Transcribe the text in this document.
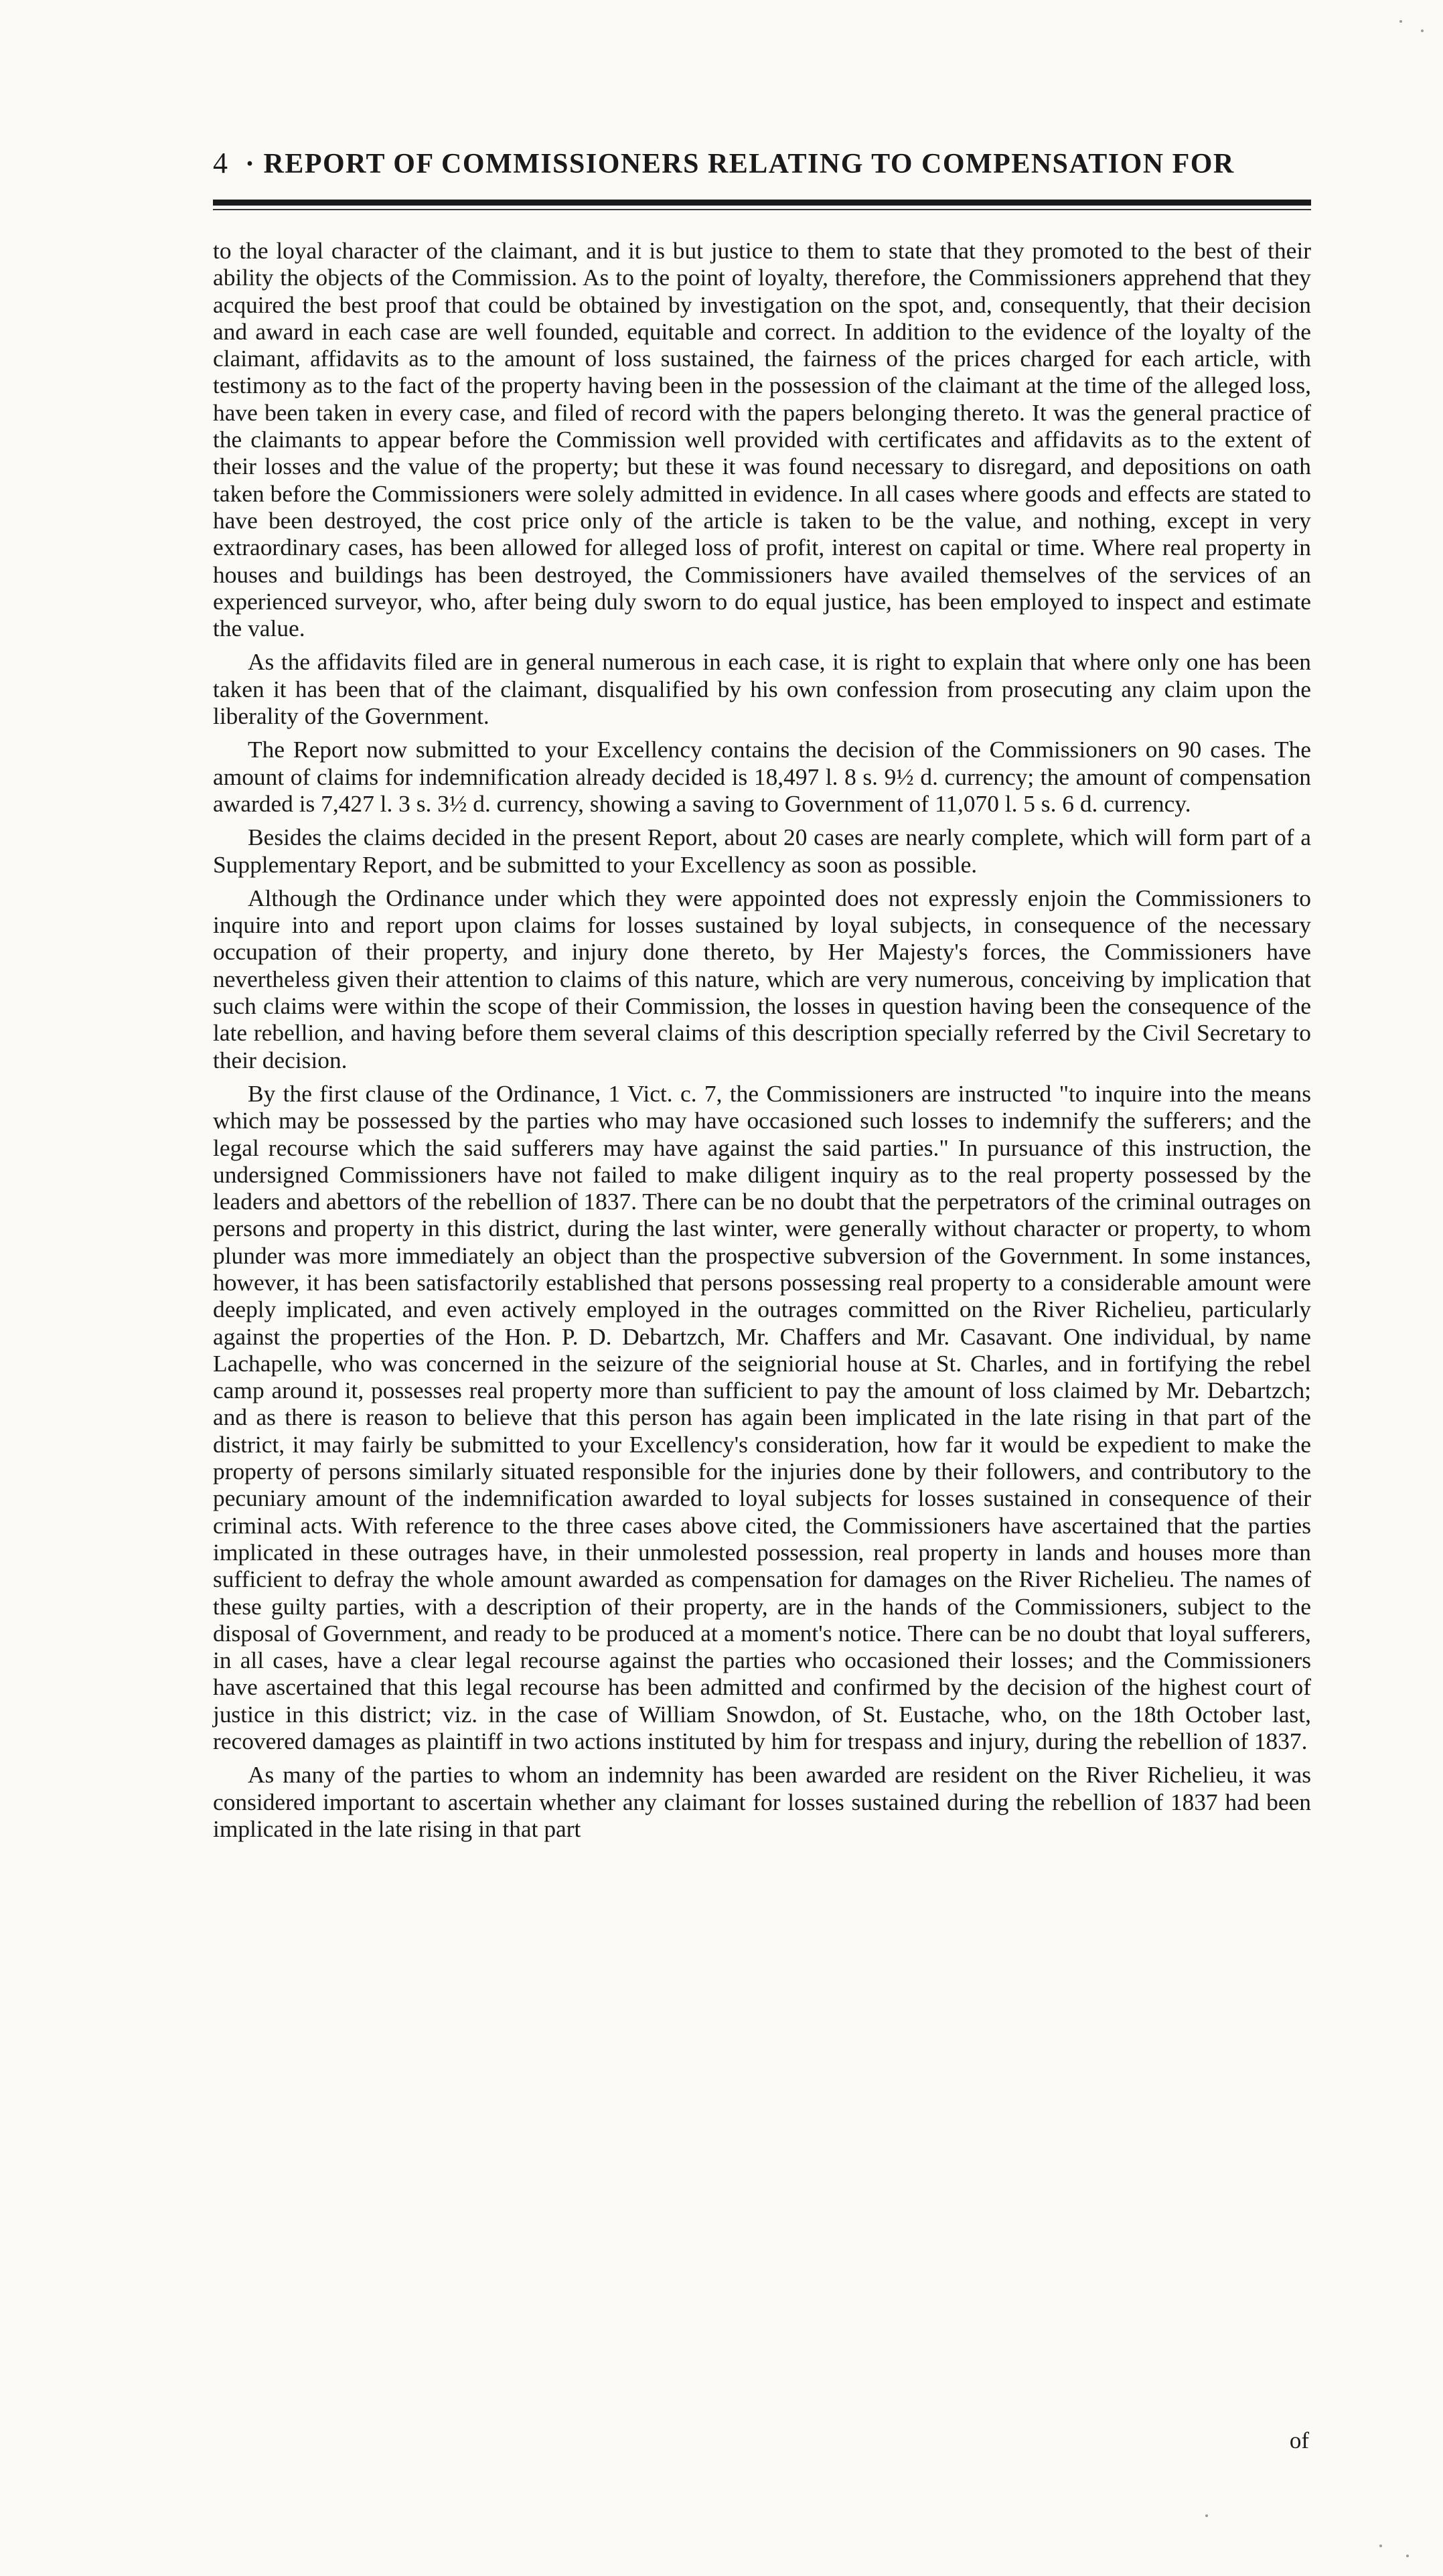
4 · REPORT OF COMMISSIONERS RELATING TO COMPENSATION FOR

to the loyal character of the claimant, and it is but justice to them to state that they promoted to the best of their ability the objects of the Commission. As to the point of loyalty, therefore, the Commissioners apprehend that they acquired the best proof that could be obtained by investigation on the spot, and, consequently, that their decision and award in each case are well founded, equitable and correct. In addition to the evidence of the loyalty of the claimant, affidavits as to the amount of loss sustained, the fairness of the prices charged for each article, with testimony as to the fact of the property having been in the possession of the claimant at the time of the alleged loss, have been taken in every case, and filed of record with the papers belonging thereto. It was the general practice of the claimants to appear before the Commission well provided with certificates and affidavits as to the extent of their losses and the value of the property; but these it was found necessary to disregard, and depositions on oath taken before the Commissioners were solely admitted in evidence. In all cases where goods and effects are stated to have been destroyed, the cost price only of the article is taken to be the value, and nothing, except in very extraordinary cases, has been allowed for alleged loss of profit, interest on capital or time. Where real property in houses and buildings has been destroyed, the Commissioners have availed themselves of the services of an experienced surveyor, who, after being duly sworn to do equal justice, has been employed to inspect and estimate the value.

As the affidavits filed are in general numerous in each case, it is right to explain that where only one has been taken it has been that of the claimant, disqualified by his own confession from prosecuting any claim upon the liberality of the Government.

The Report now submitted to your Excellency contains the decision of the Commissioners on 90 cases. The amount of claims for indemnification already decided is 18,497 l. 8 s. 9½ d. currency; the amount of compensation awarded is 7,427 l. 3 s. 3½ d. currency, showing a saving to Government of 11,070 l. 5 s. 6 d. currency.

Besides the claims decided in the present Report, about 20 cases are nearly complete, which will form part of a Supplementary Report, and be submitted to your Excellency as soon as possible.

Although the Ordinance under which they were appointed does not expressly enjoin the Commissioners to inquire into and report upon claims for losses sustained by loyal subjects, in consequence of the necessary occupation of their property, and injury done thereto, by Her Majesty's forces, the Commissioners have nevertheless given their attention to claims of this nature, which are very numerous, conceiving by implication that such claims were within the scope of their Commission, the losses in question having been the consequence of the late rebellion, and having before them several claims of this description specially referred by the Civil Secretary to their decision.

By the first clause of the Ordinance, 1 Vict. c. 7, the Commissioners are instructed "to inquire into the means which may be possessed by the parties who may have occasioned such losses to indemnify the sufferers; and the legal recourse which the said sufferers may have against the said parties." In pursuance of this instruction, the undersigned Commissioners have not failed to make diligent inquiry as to the real property possessed by the leaders and abettors of the rebellion of 1837. There can be no doubt that the perpetrators of the criminal outrages on persons and property in this district, during the last winter, were generally without character or property, to whom plunder was more immediately an object than the prospective subversion of the Government. In some instances, however, it has been satisfactorily established that persons possessing real property to a considerable amount were deeply implicated, and even actively employed in the outrages committed on the River Richelieu, particularly against the properties of the Hon. P. D. Debartzch, Mr. Chaffers and Mr. Casavant. One individual, by name Lachapelle, who was concerned in the seizure of the seigniorial house at St. Charles, and in fortifying the rebel camp around it, possesses real property more than sufficient to pay the amount of loss claimed by Mr. Debartzch; and as there is reason to believe that this person has again been implicated in the late rising in that part of the district, it may fairly be submitted to your Excellency's consideration, how far it would be expedient to make the property of persons similarly situated responsible for the injuries done by their followers, and contributory to the pecuniary amount of the indemnification awarded to loyal subjects for losses sustained in consequence of their criminal acts. With reference to the three cases above cited, the Commissioners have ascertained that the parties implicated in these outrages have, in their unmolested possession, real property in lands and houses more than sufficient to defray the whole amount awarded as compensation for damages on the River Richelieu. The names of these guilty parties, with a description of their property, are in the hands of the Commissioners, subject to the disposal of Government, and ready to be produced at a moment's notice. There can be no doubt that loyal sufferers, in all cases, have a clear legal recourse against the parties who occasioned their losses; and the Commissioners have ascertained that this legal recourse has been admitted and confirmed by the decision of the highest court of justice in this district; viz. in the case of William Snowdon, of St. Eustache, who, on the 18th October last, recovered damages as plaintiff in two actions instituted by him for trespass and injury, during the rebellion of 1837.

As many of the parties to whom an indemnity has been awarded are resident on the River Richelieu, it was considered important to ascertain whether any claimant for losses sustained during the rebellion of 1837 had been implicated in the late rising in that part

of
